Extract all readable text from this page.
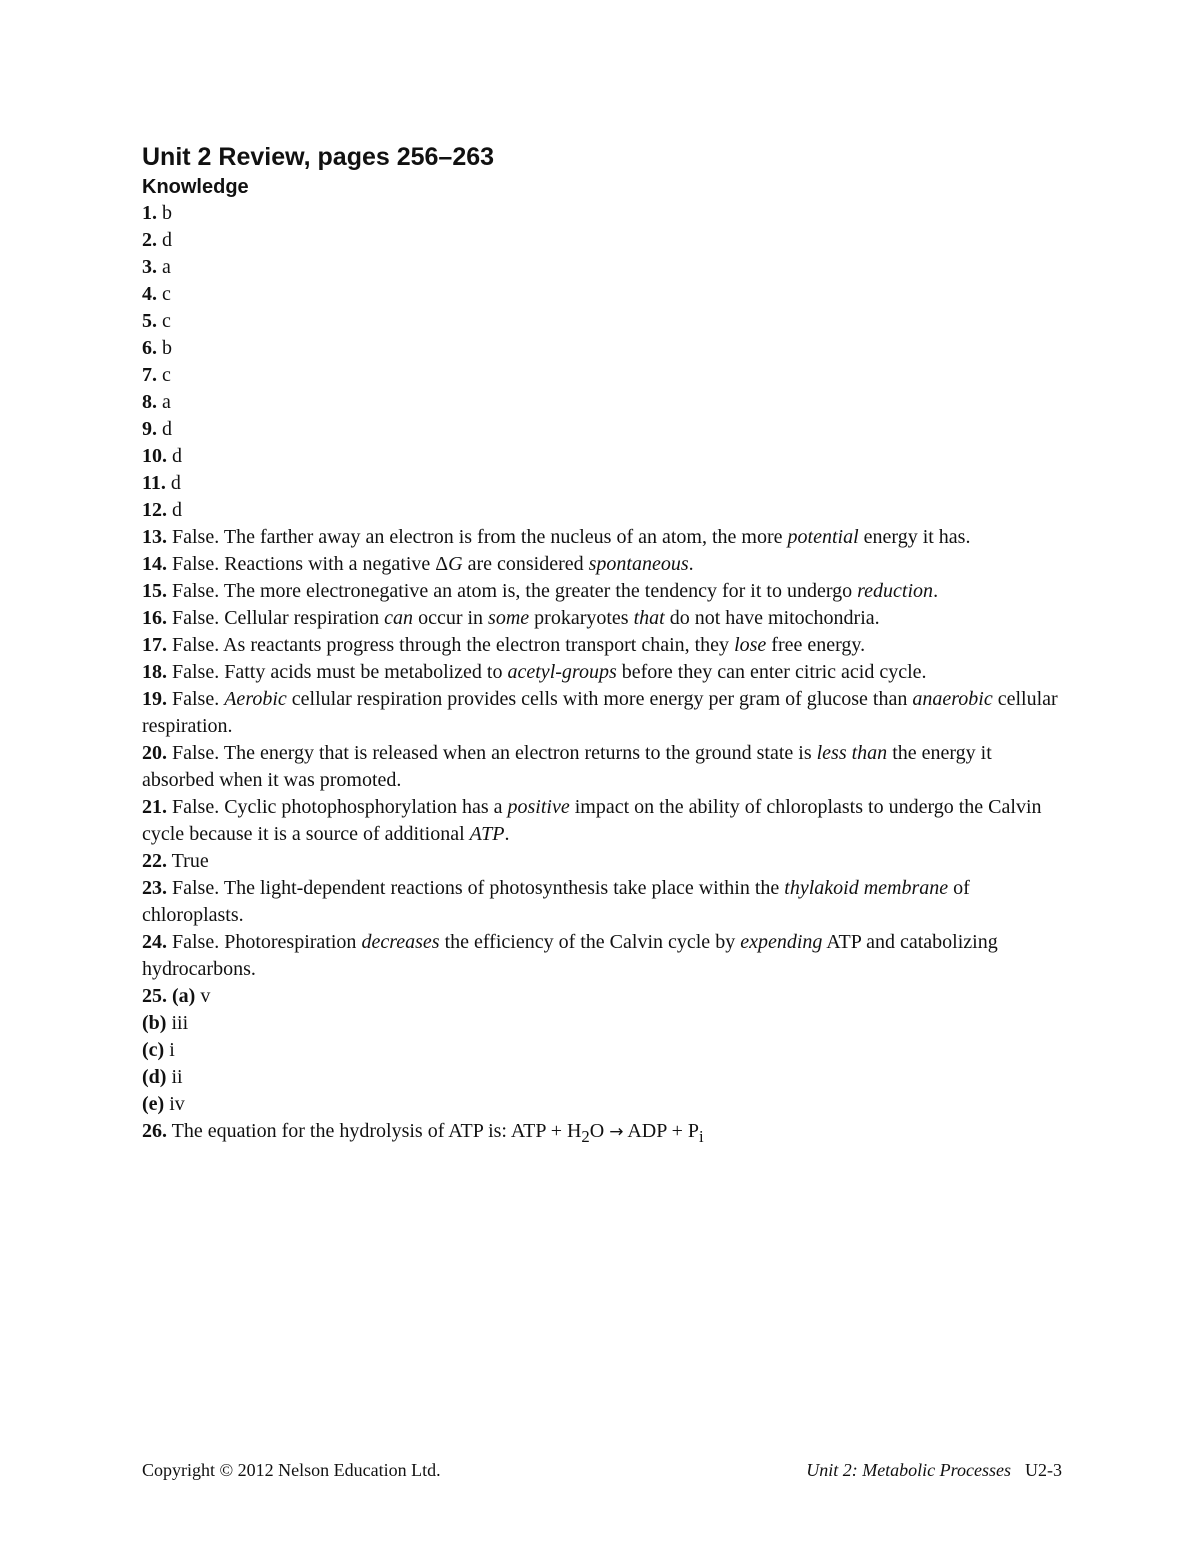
Unit 2 Review, pages 256–263
Knowledge
1. b
2. d
3. a
4. c
5. c
6. b
7. c
8. a
9. d
10. d
11. d
12. d
13. False. The farther away an electron is from the nucleus of an atom, the more potential energy it has.
14. False. Reactions with a negative ΔG are considered spontaneous.
15. False. The more electronegative an atom is, the greater the tendency for it to undergo reduction.
16. False. Cellular respiration can occur in some prokaryotes that do not have mitochondria.
17. False. As reactants progress through the electron transport chain, they lose free energy.
18. False. Fatty acids must be metabolized to acetyl-groups before they can enter citric acid cycle.
19. False. Aerobic cellular respiration provides cells with more energy per gram of glucose than anaerobic cellular respiration.
20. False. The energy that is released when an electron returns to the ground state is less than the energy it absorbed when it was promoted.
21. False. Cyclic photophosphorylation has a positive impact on the ability of chloroplasts to undergo the Calvin cycle because it is a source of additional ATP.
22. True
23. False. The light-dependent reactions of photosynthesis take place within the thylakoid membrane of chloroplasts.
24. False. Photorespiration decreases the efficiency of the Calvin cycle by expending ATP and catabolizing hydrocarbons.
25. (a) v
(b) iii
(c) i
(d) ii
(e) iv
26. The equation for the hydrolysis of ATP is: ATP + $H_2O$ → ADP + $P_i$
Copyright © 2012 Nelson Education Ltd.	Unit 2: Metabolic Processes U2-3
